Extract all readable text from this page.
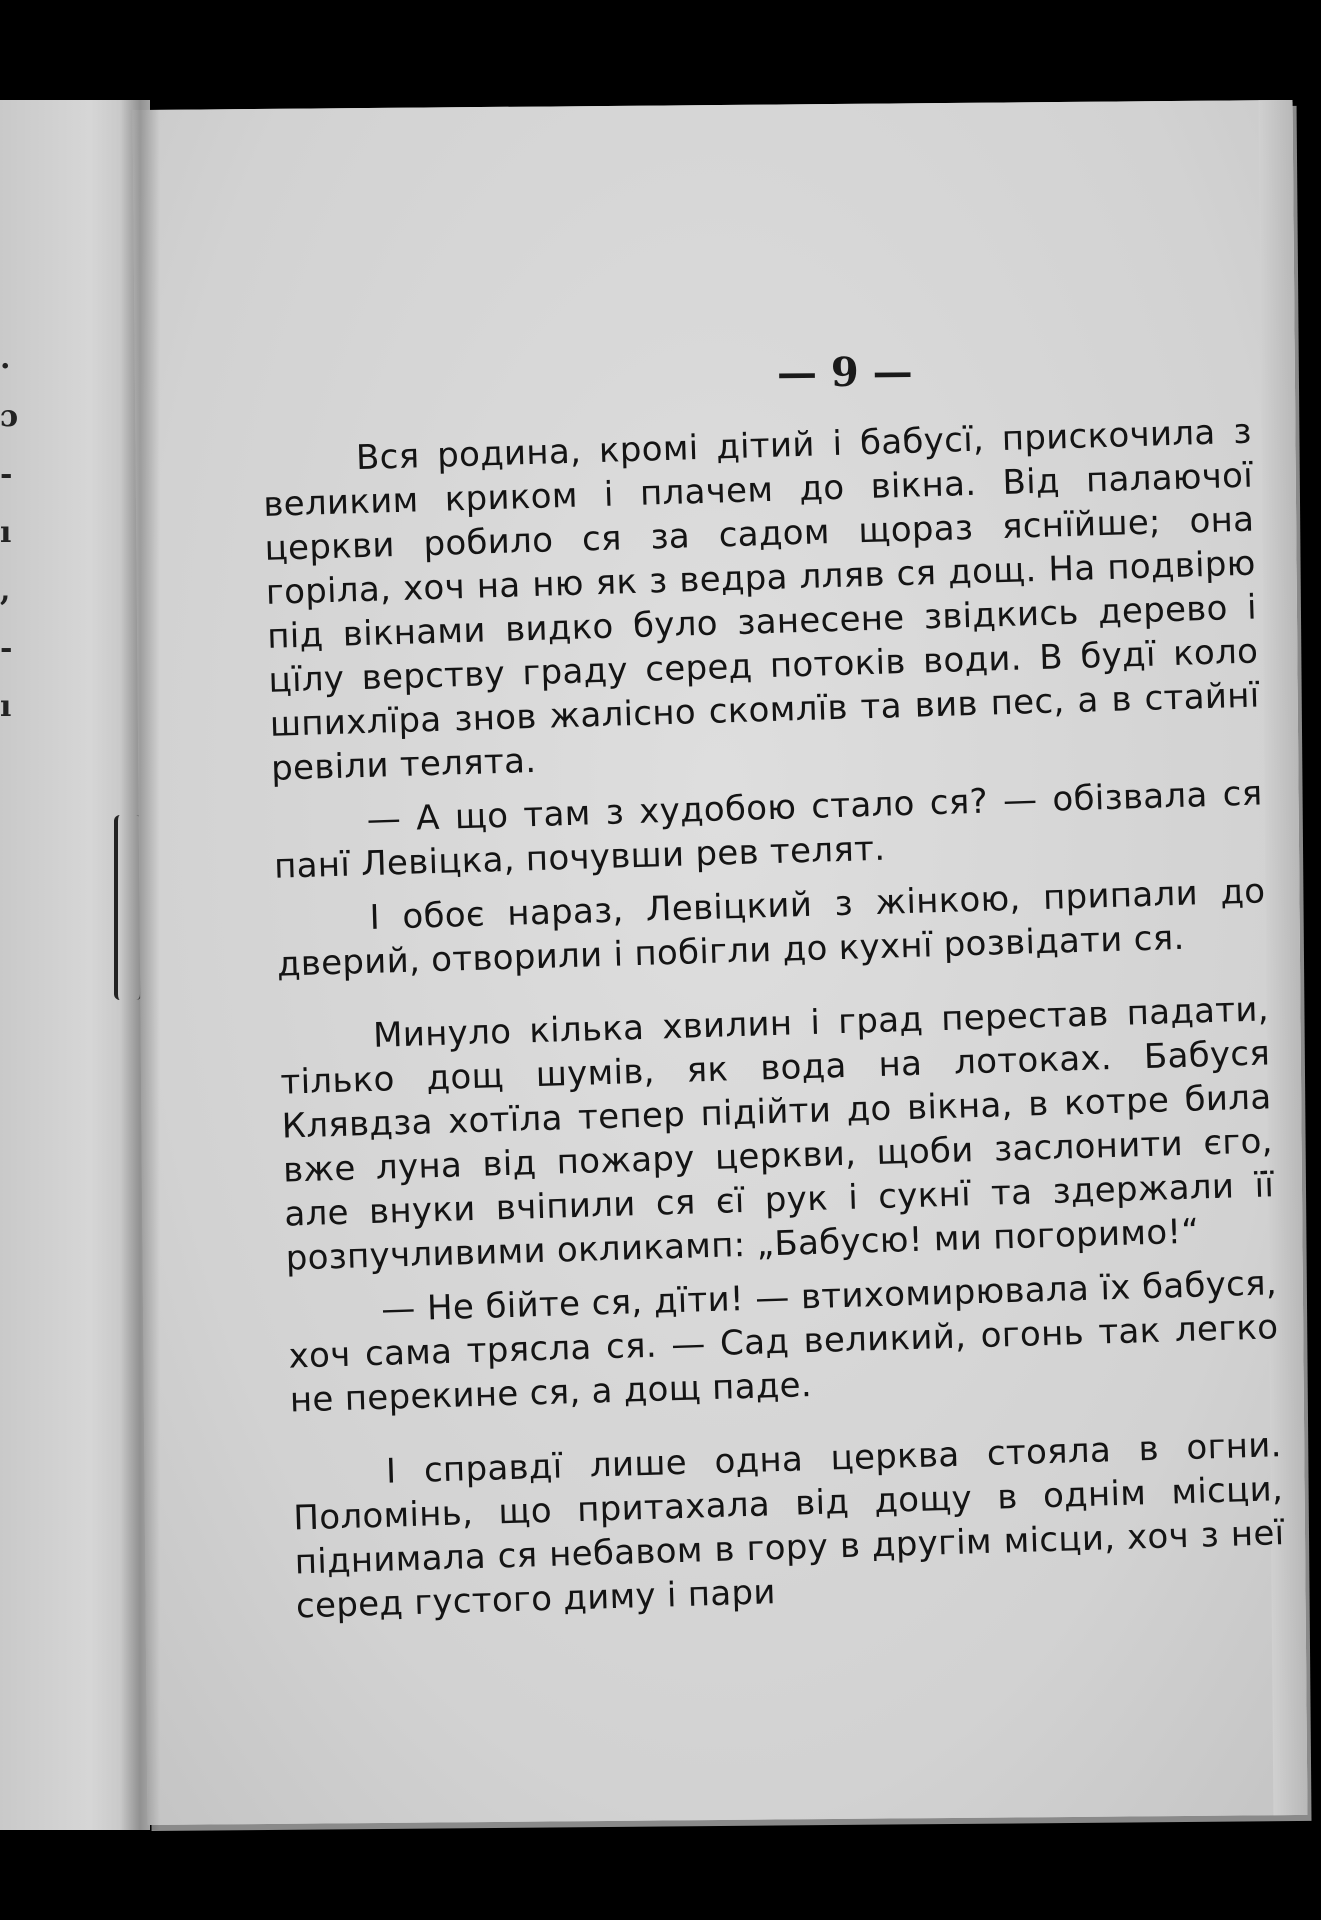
.
ɔ
-
ı
,
-
ı
— 9 —

Вся родина, кромі дітий і бабусї, прискочила з великим криком і плачем до вікна. Від палаючої церкви робило ся за садом щораз яснїйше; она горіла, хоч на ню як з ведра лляв ся дощ. На подвірю під вікнами видко було занесене звідкись дерево і цїлу верству граду серед потоків води. В будї коло шпихлїра знов жалісно скомлїв та вив пес, а в стайнї ревіли телята.

— А що там з худобою стало ся? — обізвала ся панї Левіцка, почувши рев телят.

І обоє нараз, Левіцкий з жінкою, припали до дверий, отворили і побігли до кухнї розвідати ся.

Минуло кілька хвилин і град перестав падати, тілько дощ шумів, як вода на лотоках. Бабуся Клявдза хотїла тепер підійти до вікна, в котре била вже луна від пожару церкви, щоби заслонити єго, але внуки вчіпили ся єї рук і сукнї та здержали її розпучливими окликамп: „Бабусю! ми погоримо!“

— Не бійте ся, дїти! — втихомирювала їх бабуся, хоч сама трясла ся. — Сад великий, огонь так легко не перекине ся, а дощ паде.

І справдї лише одна церква стояла в огни. Поломінь, що притахала від дощу в однім місци, піднимала ся небавом в гору в другім місци, хоч з неї серед густого диму і пари
